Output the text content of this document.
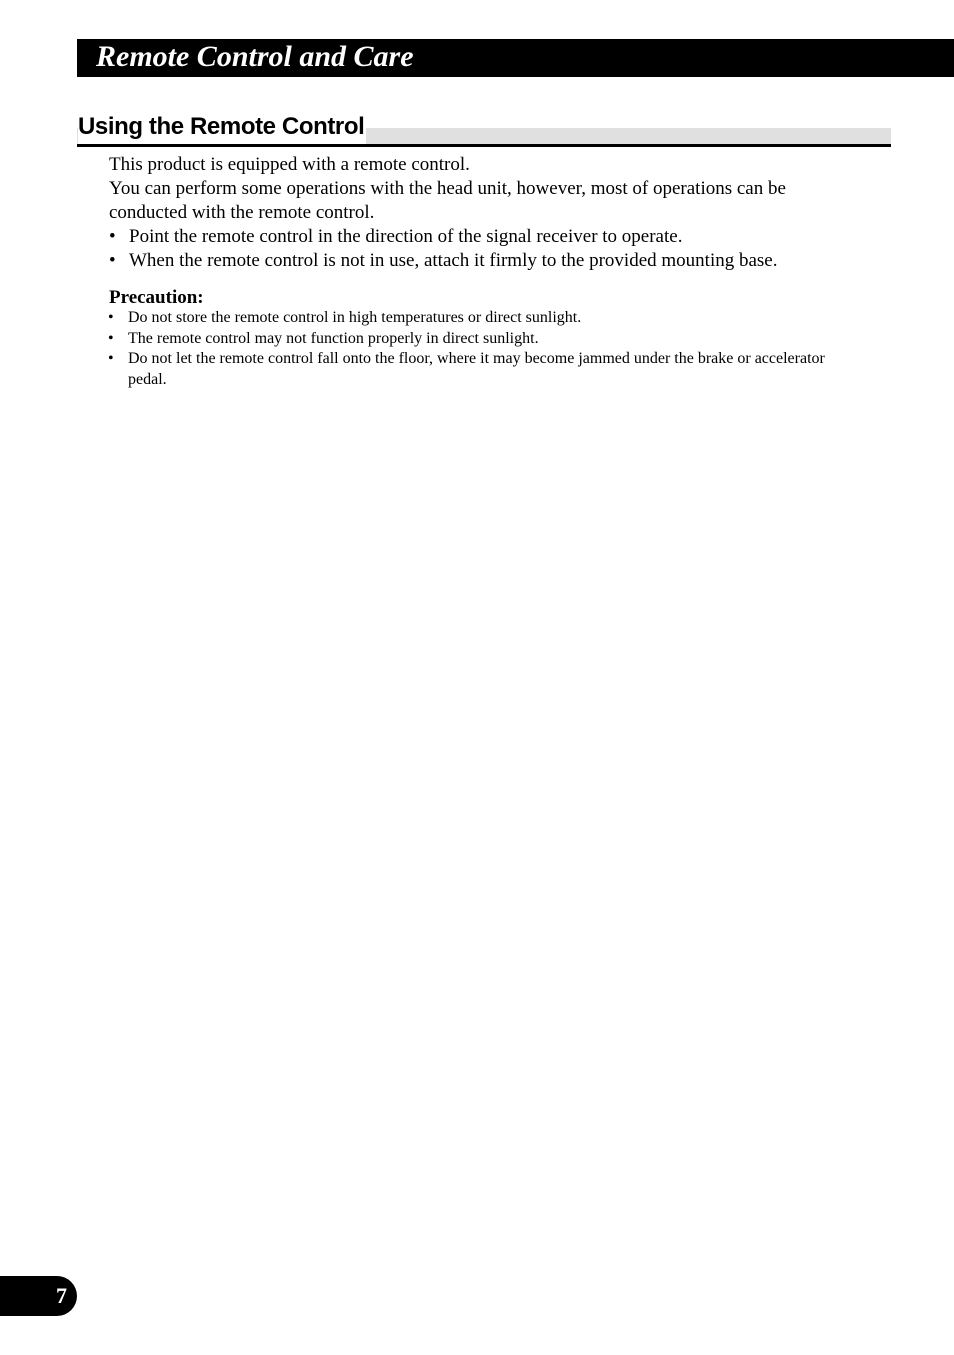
Remote Control and Care
Using the Remote Control

This product is equipped with a remote control.

You can perform some operations with the head unit, however, most of operations can be conducted with the remote control.

• Point the remote control in the direction of the signal receiver to operate.
• When the remote control is not in use, attach it firmly to the provided mounting base.

Precaution:

• Do not store the remote control in high temperatures or direct sunlight.
• The remote control may not function properly in direct sunlight.
• Do not let the remote control fall onto the floor, where it may become jammed under the brake or accelerator pedal.
7
